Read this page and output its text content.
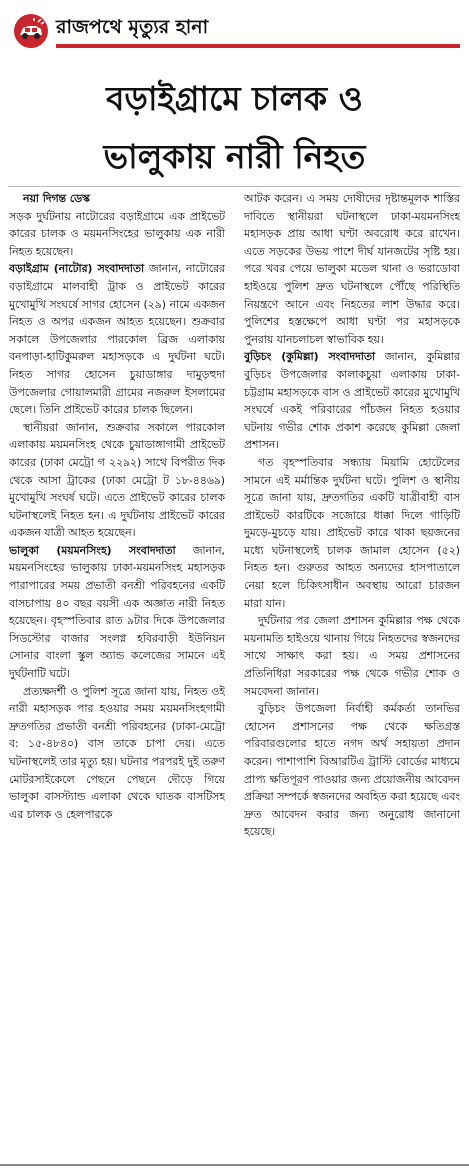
রাজপথে মৃত্যুর হানা
বড়াইগ্রামে চালক ও
ভালুকায় নারী নিহত

নয়া দিগন্ত ডেস্ক

সড়ক দুর্ঘটনায় নাটোরের বড়াইগ্রামে এক প্রাইভেট কারের চালক ও ময়মনসিংহের ভালুকায় এক নারী নিহত হয়েছেন।

বড়াইগ্রাম (নাটোর) সংবাদদাতা জানান, নাটোরের বড়াইগ্রামে মালবাহী ট্রাক ও প্রাইভেট কারের মুখোমুখি সংঘর্ষে সাগর হোসেন (২৯) নামে একজন নিহত ও অপর একজন আহত হয়েছেন। শুক্রবার সকালে উপজেলার পারকোল ব্রিজ এলাকায় বনপাড়া-হাটিকুমরুল মহাসড়কে এ দুর্ঘটনা ঘটে। নিহত সাগর হোসেন চুয়াডাঙ্গার দামুড়হুদা উপজেলার গোয়ালমারী গ্রামের নজরুল ইসলামের ছেলে। তিনি প্রাইভেট কারের চালক ছিলেন।

স্থানীয়রা জানান, শুক্রবার সকালে পারকোল এলাকায় ময়মনসিংহ থেকে চুয়াডাঙ্গাগামী প্রাইভেট কারের (ঢাকা মেট্রো গ ২২৯২) সাথে বিপরীত দিক থেকে আসা ট্রাকের (ঢাকা মেট্রো ট ১৮-৪৪৬৯) মুখোমুখি সংঘর্ষ ঘটে। এতে প্রাইভেট কারের চালক ঘটনাস্থলেই নিহত হন। এ দুর্ঘটনায় প্রাইভেট কারের একজন যাত্রী আহত হয়েছেন।

ভালুকা (ময়মনসিংহ) সংবাদদাতা জানান, ময়মনসিংহের ভালুকায় ঢাকা-ময়মনসিংহ মহাসড়ক পারাপারের সময় প্রভাতী বনশ্রী পরিবহনের একটি বাসচাপায় ৪০ বছর বয়সী এক অজ্ঞাত নারী নিহত হয়েছেন। বৃহস্পতিবার রাত ৯টার দিকে উপজেলার সিডস্টোর বাজার সংলগ্ন হবিরবাড়ী ইউনিয়ন সোনার বাংলা স্কুল অ্যান্ড কলেজের সামনে এই দুর্ঘটনাটি ঘটে।

প্রত্যক্ষদর্শী ও পুলিশ সূত্রে জানা যায়, নিহত ওই নারী মহাসড়ক পার হওয়ার সময় ময়মনসিংহগামী দ্রুতগতির প্রভাতী বনশ্রী পরিবহনের (ঢাকা-মেট্রো ব: ১৫-৪৮৪০) বাস তাকে চাপা দেয়। এতে ঘটনাস্থলেই তার মৃত্যু হয়। ঘটনার পরপরই দুই তরুণ মোটরসাইকেলে পেছনে পেছনে দৌড়ে গিয়ে ভালুকা বাসস্ট্যান্ড এলাকা থেকে ঘাতক বাসটিসহ এর চালক ও হেলপারকে

আটক করেন। এ সময় দোষীদের দৃষ্টান্তমূলক শাস্তির দাবিতে স্থানীয়রা ঘটনাস্থলে ঢাকা-ময়মনসিংহ মহাসড়ক প্রায় আধা ঘণ্টা অবরোধ করে রাখেন। এতে সড়কের উভয় পাশে দীর্ঘ যানজটের সৃষ্টি হয়। পরে খবর পেয়ে ভালুকা মডেল থানা ও ভরাডোবা হাইওয়ে পুলিশ দ্রুত ঘটনাস্থলে পৌঁছে পরিস্থিতি নিয়ন্ত্রণে আনে এবং নিহতের লাশ উদ্ধার করে। পুলিশের হস্তক্ষেপে আধা ঘণ্টা পর মহাসড়কে পুনরায় যানচলাচল স্বাভাবিক হয়।

বুড়িচং (কুমিল্লা) সংবাদদাতা জানান, কুমিল্লার বুড়িচং উপজেলার কালাকচুয়া এলাকায় ঢাকা-চট্টগ্রাম মহাসড়কে বাস ও প্রাইভেট কারের মুখোমুখি সংঘর্ষে একই পরিবারের পাঁচজন নিহত হওয়ার ঘটনায় গভীর শোক প্রকাশ করেছে কুমিল্লা জেলা প্রশাসন।

গত বৃহস্পতিবার সন্ধ্যায় মিয়ামি হোটেলের সামনে এই মর্মান্তিক দুর্ঘটনা ঘটে। পুলিশ ও স্থানীয় সূত্রে জানা যায়, দ্রুতগতির একটি যাত্রীবাহী বাস প্রাইভেট কারটিকে সজোরে ধাক্কা দিলে গাড়িটি দুমড়ে-মুচড়ে যায়। প্রাইভেট কারে থাকা ছয়জনের মধ্যে ঘটনাস্থলেই চালক জামাল হোসেন (৫২) নিহত হন। গুরুতর আহত অন্যদের হাসপাতালে নেয়া হলে চিকিৎসাধীন অবস্থায় আরো চারজন মারা যান।

দুর্ঘটনার পর জেলা প্রশাসন কুমিল্লার পক্ষ থেকে ময়নামতি হাইওয়ে থানায় গিয়ে নিহতদের স্বজনদের সাথে সাক্ষাৎ করা হয়। এ সময় প্রশাসনের প্রতিনিধিরা সরকারের পক্ষ থেকে গভীর শোক ও সমবেদনা জানান।

বুড়িচং উপজেলা নির্বাহী কর্মকর্তা তানভির হোসেন প্রশাসনের পক্ষ থেকে ক্ষতিগ্রস্ত পরিবারগুলোর হাতে নগদ অর্থ সহায়তা প্রদান করেন। পাশাপাশি বিআরটিএ ট্রাস্টি বোর্ডের মাধ্যমে প্রাপ্য ক্ষতিপূরণ পাওয়ার জন্য প্রয়োজনীয় আবেদন প্রক্রিয়া সম্পর্কে স্বজনদের অবহিত করা হয়েছে এবং দ্রুত আবেদন করার জন্য অনুরোধ জানানো হয়েছে।
